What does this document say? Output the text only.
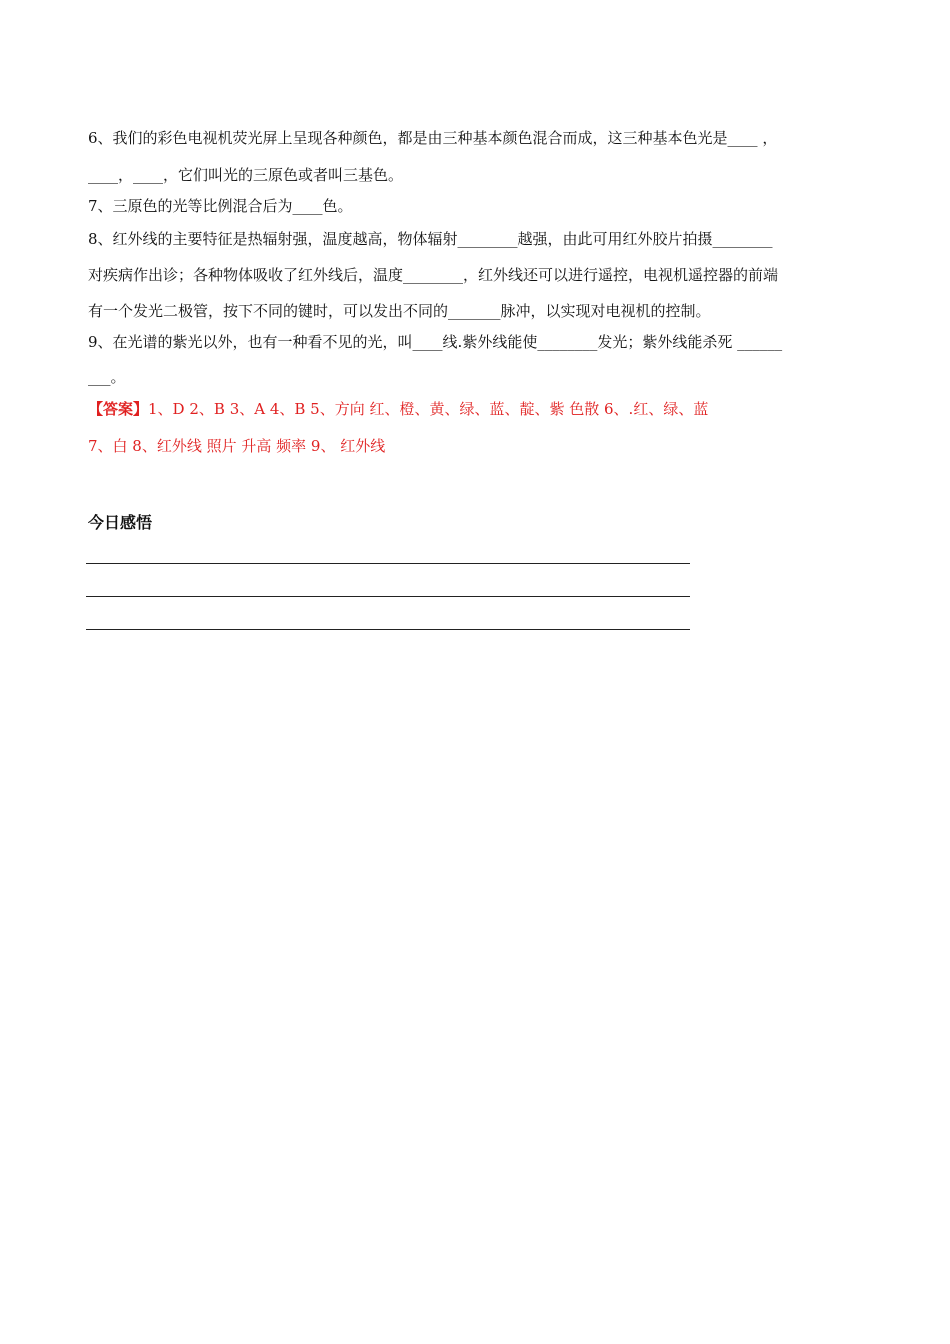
6、我们的彩色电视机荧光屏上呈现各种颜色，都是由三种基本颜色混合而成，这三种基本色光是____ ，
____，____，它们叫光的三原色或者叫三基色。
7、三原色的光等比例混合后为____色。
8、红外线的主要特征是热辐射强，温度越高，物体辐射________越强，由此可用红外胶片拍摄________
对疾病作出诊；各种物体吸收了红外线后，温度________，红外线还可以进行遥控，电视机遥控器的前端
有一个发光二极管，按下不同的键时，可以发出不同的_______脉冲，以实现对电视机的控制。
9、在光谱的紫光以外，也有一种看不见的光，叫____线.紫外线能使________发光；紫外线能杀死 ______
___。
【答案】1、D 2、B 3、A 4、B 5、方向 红、橙、黄、绿、蓝、靛、紫 色散 6、.红、绿、蓝
7、白 8、红外线 照片 升高 频率 9、 红外线
今日感悟
